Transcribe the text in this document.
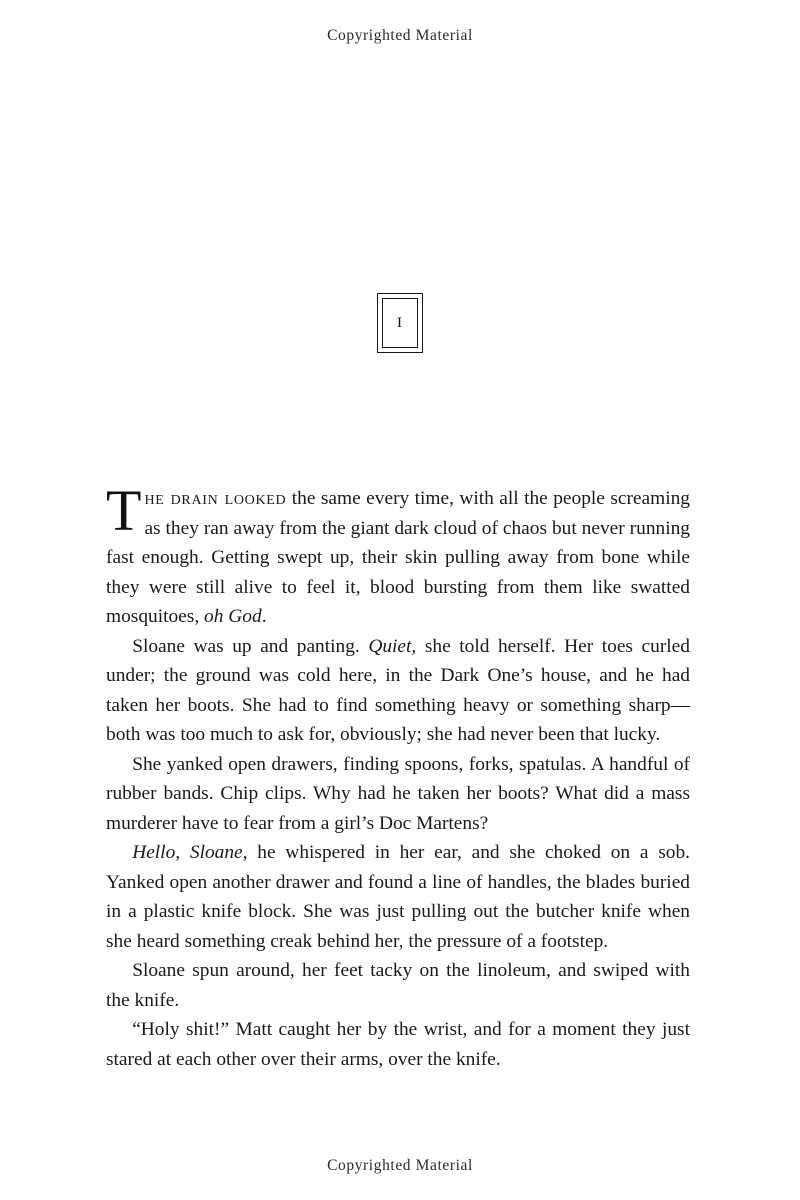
Copyrighted Material
I

The drain looked the same every time, with all the people screaming as they ran away from the giant dark cloud of chaos but never running fast enough. Getting swept up, their skin pulling away from bone while they were still alive to feel it, blood bursting from them like swatted mosquitoes, oh God.

Sloane was up and panting. Quiet, she told herself. Her toes curled under; the ground was cold here, in the Dark One’s house, and he had taken her boots. She had to find something heavy or something sharp—both was too much to ask for, obviously; she had never been that lucky.

She yanked open drawers, finding spoons, forks, spatulas. A handful of rubber bands. Chip clips. Why had he taken her boots? What did a mass murderer have to fear from a girl’s Doc Martens?

Hello, Sloane, he whispered in her ear, and she choked on a sob. Yanked open another drawer and found a line of handles, the blades buried in a plastic knife block. She was just pulling out the butcher knife when she heard something creak behind her, the pressure of a footstep.

Sloane spun around, her feet tacky on the linoleum, and swiped with the knife.

“Holy shit!” Matt caught her by the wrist, and for a moment they just stared at each other over their arms, over the knife.

Copyrighted Material
